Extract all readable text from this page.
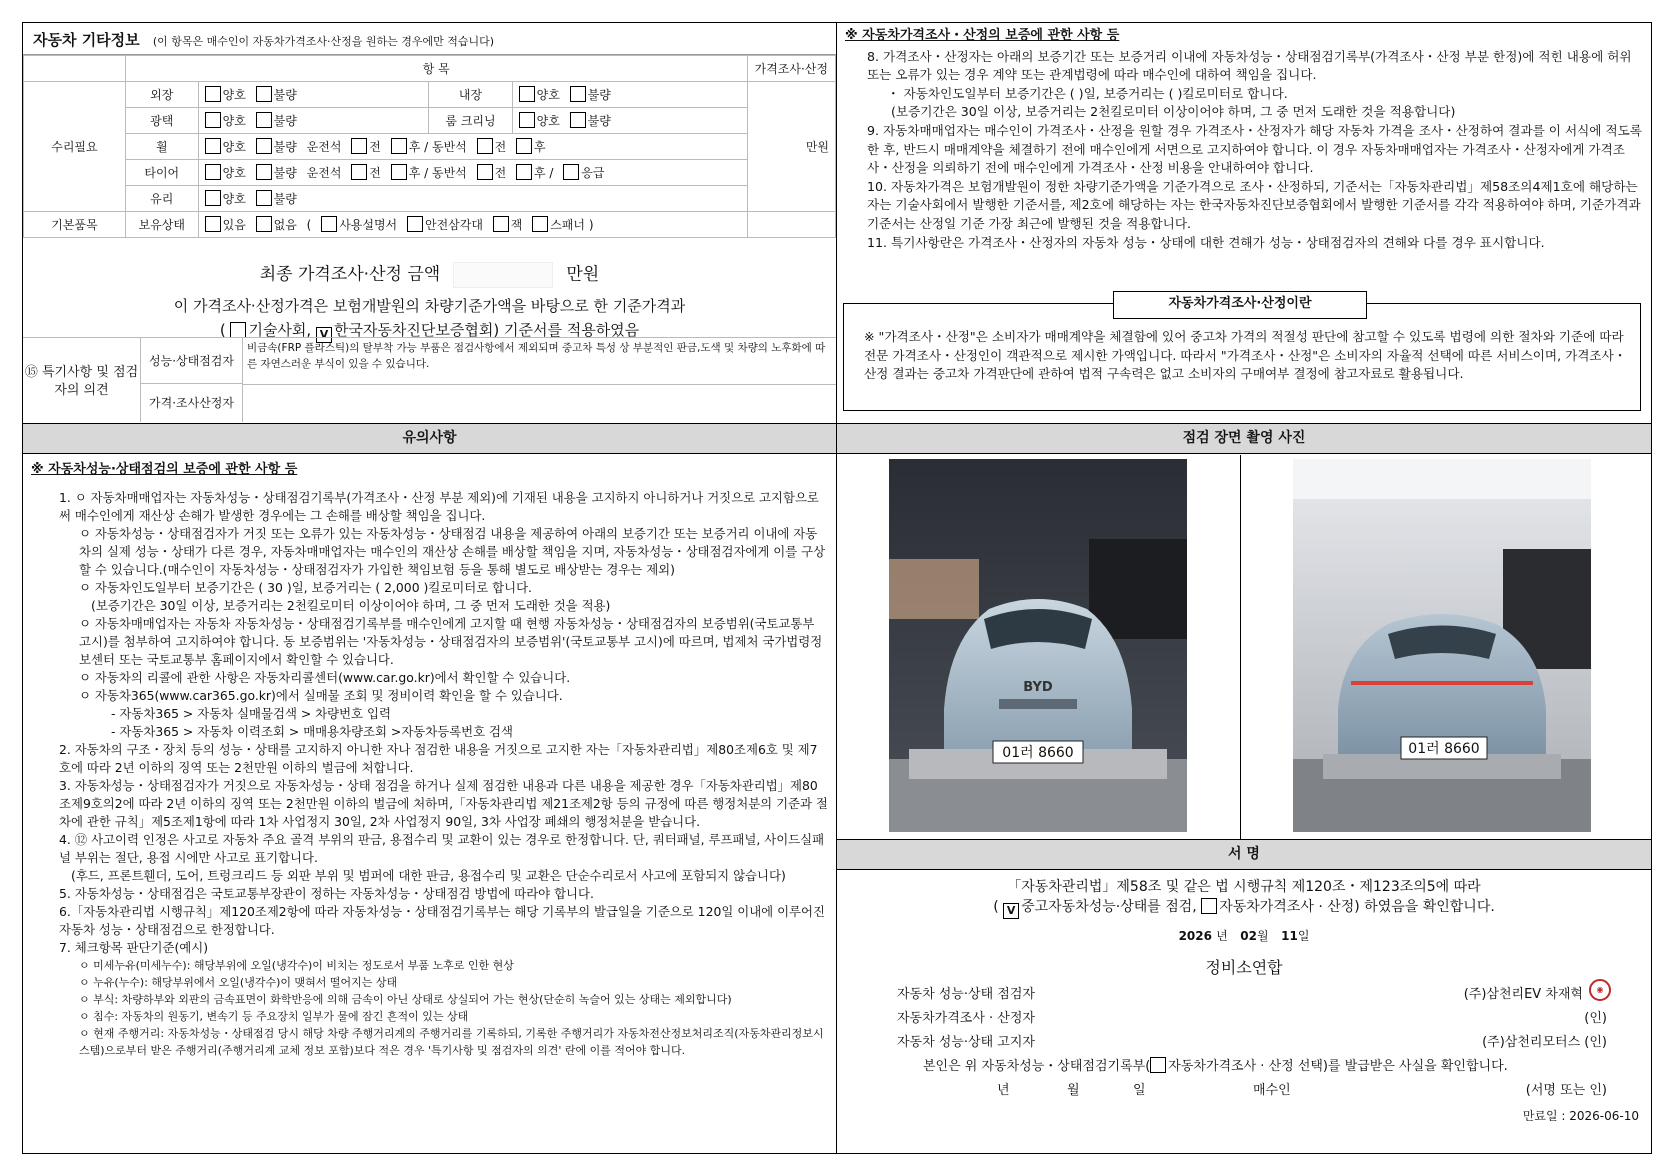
자동차 기타정보 (이 항목은 매수인이 자동차가격조사·산정을 원하는 경우에만 적습니다)
	항 목				가격조사·산정
수리필요	외장	양호 불량	내장	양호 불량	만원
	광택	양호 불량	룸 크리닝	양호 불량	
	휠	양호 불량 운전석 전 후 / 동반석 전 후			
	타이어	양호 불량 운전석 전 후 / 동반석 전 후 / 응급			
	유리	양호 불량			
기본품목	보유상태	있음 없음 ( 사용설명서 안전삼각대 잭 스패너 )			
최종 가격조사·산정 금액	만원
이 가격조사·산정가격은 보험개발원의 차량기준가액을 바탕으로 한 기준가격과
( 기술사회, V 한국자동차진단보증협회) 기준서를 적용하였음
⑮ 특기사항 및 점검자의 의견
성능·상태점검자
비금속(FRP 플라스틱)의 탈부착 가능 부품은 점검사항에서 제외되며 중고차 특성 상 부분적인 판금,도색 및 차량의 노후화에 따른 자연스러운 부식이 있을 수 있습니다.
가격·조사산정자
유의사항
※ 자동차성능·상태점검의 보증에 관한 사항 등
1. ㅇ 자동차매매업자는 자동차성능・상태점검기록부(가격조사・산정 부분 제외)에 기재된 내용을 고지하지 아니하거나 거짓으로 고지함으로써 매수인에게 재산상 손해가 발생한 경우에는 그 손해를 배상할 책임을 집니다.
ㅇ 자동차성능・상태점검자가 거짓 또는 오류가 있는 자동차성능・상태점검 내용을 제공하여 아래의 보증기간 또는 보증거리 이내에 자동차의 실제 성능・상태가 다른 경우, 자동차매매업자는 매수인의 재산상 손해를 배상할 책임을 지며, 자동차성능・상태점검자에게 이를 구상할 수 있습니다.(매수인이 자동차성능・상태점검자가 가입한 책임보험 등을 통해 별도로 배상받는 경우는 제외)
ㅇ 자동차인도일부터 보증기간은 ( 30 )일, 보증거리는 ( 2,000 )킬로미터로 합니다.
(보증기간은 30일 이상, 보증거리는 2천킬로미터 이상이어야 하며, 그 중 먼저 도래한 것을 적용)
ㅇ 자동차매매업자는 자동차 자동차성능・상태점검기록부를 매수인에게 고지할 때 현행 자동차성능・상태점검자의 보증범위(국토교통부 고시)를 첨부하여 고지하여야 합니다. 동 보증범위는 '자동차성능・상태점검자의 보증범위'(국토교통부 고시)에 따르며, 법제처 국가법령정보센터 또는 국토교통부 홈페이지에서 확인할 수 있습니다.
ㅇ 자동차의 리콜에 관한 사항은 자동차리콜센터(www.car.go.kr)에서 확인할 수 있습니다.
ㅇ 자동차365(www.car365.go.kr)에서 실매물 조회 및 정비이력 확인을 할 수 있습니다.
- 자동차365 > 자동차 실매물검색 > 차량번호 입력
- 자동차365 > 자동차 이력조회 > 매매용차량조회 >자동차등록번호 검색
2. 자동차의 구조・장치 등의 성능・상태를 고지하지 아니한 자나 점검한 내용을 거짓으로 고지한 자는「자동차관리법」제80조제6호 및 제7호에 따라 2년 이하의 징역 또는 2천만원 이하의 벌금에 처합니다.
3. 자동차성능・상태점검자가 거짓으로 자동차성능・상태 점검을 하거나 실제 점검한 내용과 다른 내용을 제공한 경우「자동차관리법」제80조제9호의2에 따라 2년 이하의 징역 또는 2천만원 이하의 벌금에 처하며,「자동차관리법 제21조제2항 등의 규정에 따른 행정처분의 기준과 절차에 관한 규칙」제5조제1항에 따라 1차 사업정지 30일, 2차 사업정지 90일, 3차 사업장 폐쇄의 행정처분을 받습니다.
4. ⑫ 사고이력 인정은 사고로 자동차 주요 골격 부위의 판금, 용접수리 및 교환이 있는 경우로 한정합니다. 단, 쿼터패널, 루프패널, 사이드실패널 부위는 절단, 용접 시에만 사고로 표기합니다.
(후드, 프론트휀더, 도어, 트렁크리드 등 외판 부위 및 범퍼에 대한 판금, 용접수리 및 교환은 단순수리로서 사고에 포함되지 않습니다)
5. 자동차성능・상태점검은 국토교통부장관이 정하는 자동차성능・상태점검 방법에 따라야 합니다.
6.「자동차관리법 시행규칙」제120조제2항에 따라 자동차성능・상태점검기록부는 해당 기록부의 발급일을 기준으로 120일 이내에 이루어진 자동차 성능・상태점검으로 한정합니다.
7. 체크항목 판단기준(예시)
ㅇ 미세누유(미세누수): 해당부위에 오일(냉각수)이 비치는 정도로서 부품 노후로 인한 현상
ㅇ 누유(누수): 해당부위에서 오일(냉각수)이 맺혀서 떨어지는 상태
ㅇ 부식: 차량하부와 외판의 금속표면이 화학반응에 의해 금속이 아닌 상태로 상실되어 가는 현상(단순히 녹슬어 있는 상태는 제외합니다)
ㅇ 침수: 자동차의 원동기, 변속기 등 주요장치 일부가 물에 잠긴 흔적이 있는 상태
ㅇ 현재 주행거리: 자동차성능・상태점검 당시 해당 차량 주행거리계의 주행거리를 기록하되, 기록한 주행거리가 자동차전산정보처리조직(자동차관리정보시스템)으로부터 받은 주행거리(주행거리계 교체 정보 포함)보다 적은 경우 '특기사항 및 점검자의 의견' 란에 이를 적어야 합니다.
※ 자동차가격조사・산정의 보증에 관한 사항 등
8. 가격조사・산정자는 아래의 보증기간 또는 보증거리 이내에 자동차성능・상태점검기록부(가격조사・산정 부분 한정)에 적힌 내용에 허위 또는 오류가 있는 경우 계약 또는 관계법령에 따라 매수인에 대하여 책임을 집니다.
・ 자동차인도일부터 보증기간은 ( )일, 보증거리는 ( )킬로미터로 합니다.
(보증기간은 30일 이상, 보증거리는 2천킬로미터 이상이어야 하며, 그 중 먼저 도래한 것을 적용합니다)
9. 자동차매매업자는 매수인이 가격조사・산정을 원할 경우 가격조사・산정자가 해당 자동차 가격을 조사・산정하여 결과를 이 서식에 적도록 한 후, 반드시 매매계약을 체결하기 전에 매수인에게 서면으로 고지하여야 합니다. 이 경우 자동차매매업자는 가격조사・산정자에게 가격조사・산정을 의뢰하기 전에 매수인에게 가격조사・산정 비용을 안내하여야 합니다.
10. 자동차가격은 보험개발원이 정한 차량기준가액을 기준가격으로 조사・산정하되, 기준서는「자동차관리법」제58조의4제1호에 해당하는 자는 기술사회에서 발행한 기준서를, 제2호에 해당하는 자는 한국자동차진단보증협회에서 발행한 기준서를 각각 적용하여야 하며, 기준가격과 기준서는 산정일 기준 가장 최근에 발행된 것을 적용합니다.
11. 특기사항란은 가격조사・산정자의 자동차 성능・상태에 대한 견해가 성능・상태점검자의 견해와 다를 경우 표시합니다.
※ "가격조사・산정"은 소비자가 매매계약을 체결함에 있어 중고차 가격의 적절성 판단에 참고할 수 있도록 법령에 의한 절차와 기준에 따라 전문 가격조사・산정인이 객관적으로 제시한 가액입니다. 따라서 "가격조사・산정"은 소비자의 자율적 선택에 따른 서비스이며, 가격조사・산정 결과는 중고차 가격판단에 관하여 법적 구속력은 없고 소비자의 구매여부 결정에 참고자료로 활용됩니다.
자동차가격조사·산정이란
점검 장면 촬영 사진
01러 8660
BYD
01러 8660
서 명
「자동차관리법」제58조 및 같은 법 시행규칙 제120조・제123조의5에 따라
( V 중고자동차성능·상태를 점검, 자동차가격조사 · 산정) 하였음을 확인합니다.
2026 년 02월 11일
정비소연합
자동차 성능·상태 점검자	(주)삼천리EV 차재혁	◉
자동차가격조사 · 산정자	(인)
자동차 성능·상태 고지자	(주)삼천리모터스 (인)
본인은 위 자동차성능・상태점검기록부( 자동차가격조사 · 산정 선택)를 발급받은 사실을 확인합니다.
년	월	일	매수인	(서명 또는 인)
만료일 : 2026-06-10
